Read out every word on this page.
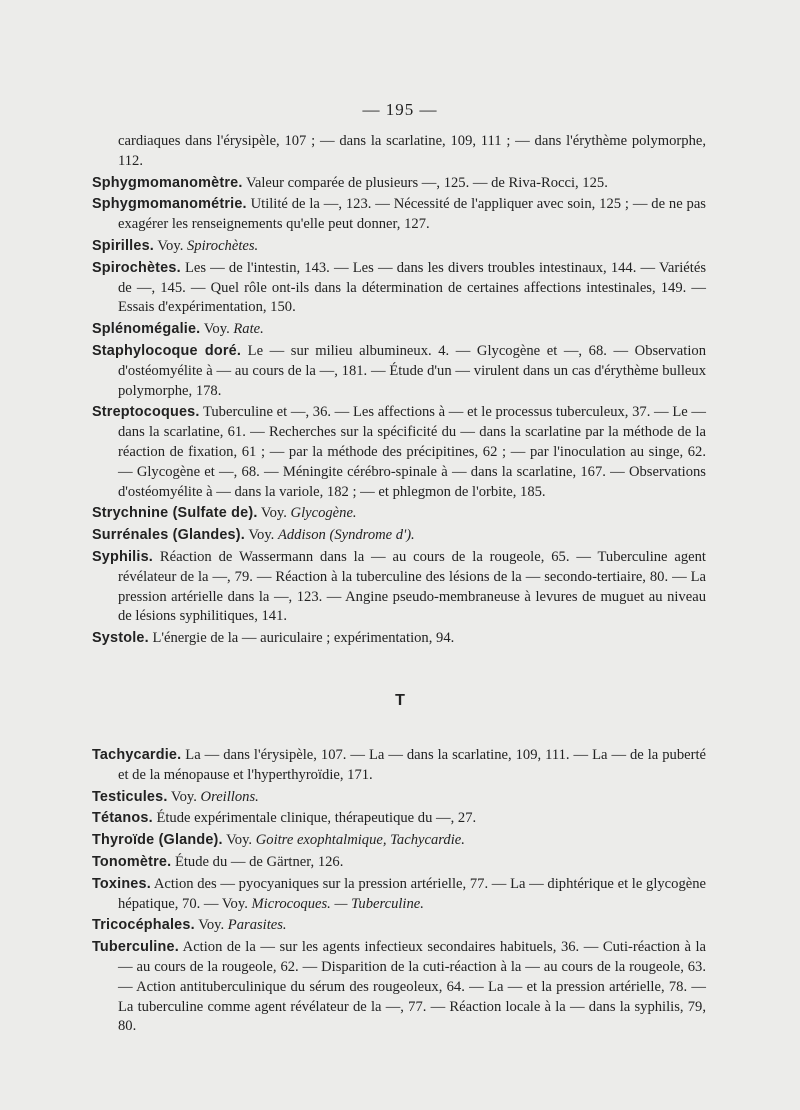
— 195 —

cardiaques dans l'érysipèle, 107 ; — dans la scarlatine, 109, 111 ; — dans l'érythème polymorphe, 112.

Sphygmomanomètre. Valeur comparée de plusieurs —, 125. — de Riva-Rocci, 125.

Sphygmomanométrie. Utilité de la —, 123. — Nécessité de l'appliquer avec soin, 125 ; — de ne pas exagérer les renseignements qu'elle peut donner, 127.

Spirilles. Voy. Spirochètes.

Spirochètes. Les — de l'intestin, 143. — Les — dans les divers troubles intestinaux, 144. — Variétés de —, 145. — Quel rôle ont-ils dans la détermination de certaines affections intestinales, 149. — Essais d'expérimentation, 150.

Splénomégalie. Voy. Rate.

Staphylocoque doré. Le — sur milieu albumineux. 4. — Glycogène et —, 68. — Observation d'ostéomyélite à — au cours de la —, 181. — Étude d'un — virulent dans un cas d'érythème bulleux polymorphe, 178.

Streptocoques. Tuberculine et —, 36. — Les affections à — et le processus tuberculeux, 37. — Le — dans la scarlatine, 61. — Recherches sur la spécificité du — dans la scarlatine par la méthode de la réaction de fixation, 61 ; — par la méthode des précipitines, 62 ; — par l'inoculation au singe, 62. — Glycogène et —, 68. — Méningite cérébro-spinale à — dans la scarlatine, 167. — Observations d'ostéomyélite à — dans la variole, 182 ; — et phlegmon de l'orbite, 185.

Strychnine (Sulfate de). Voy. Glycogène.

Surrénales (Glandes). Voy. Addison (Syndrome d').

Syphilis. Réaction de Wassermann dans la — au cours de la rougeole, 65. — Tuberculine agent révélateur de la —, 79. — Réaction à la tuberculine des lésions de la — secondo-tertiaire, 80. — La pression artérielle dans la —, 123. — Angine pseudo-membraneuse à levures de muguet au niveau de lésions syphilitiques, 141.

Systole. L'énergie de la — auriculaire ; expérimentation, 94.

T

Tachycardie. La — dans l'érysipèle, 107. — La — dans la scarlatine, 109, 111. — La — de la puberté et de la ménopause et l'hyperthyroïdie, 171.

Testicules. Voy. Oreillons.

Tétanos. Étude expérimentale clinique, thérapeutique du —, 27.

Thyroïde (Glande). Voy. Goitre exophtalmique, Tachycardie.

Tonomètre. Étude du — de Gärtner, 126.

Toxines. Action des — pyocyaniques sur la pression artérielle, 77. — La — diphtérique et le glycogène hépatique, 70. — Voy. Microcoques. — Tuberculine.

Tricocéphales. Voy. Parasites.

Tuberculine. Action de la — sur les agents infectieux secondaires habituels, 36. — Cuti-réaction à la — au cours de la rougeole, 62. — Disparition de la cuti-réaction à la — au cours de la rougeole, 63. — Action antituberculinique du sérum des rougeoleux, 64. — La — et la pression artérielle, 78. — La tuberculine comme agent révélateur de la —, 77. — Réaction locale à la — dans la syphilis, 79, 80.
